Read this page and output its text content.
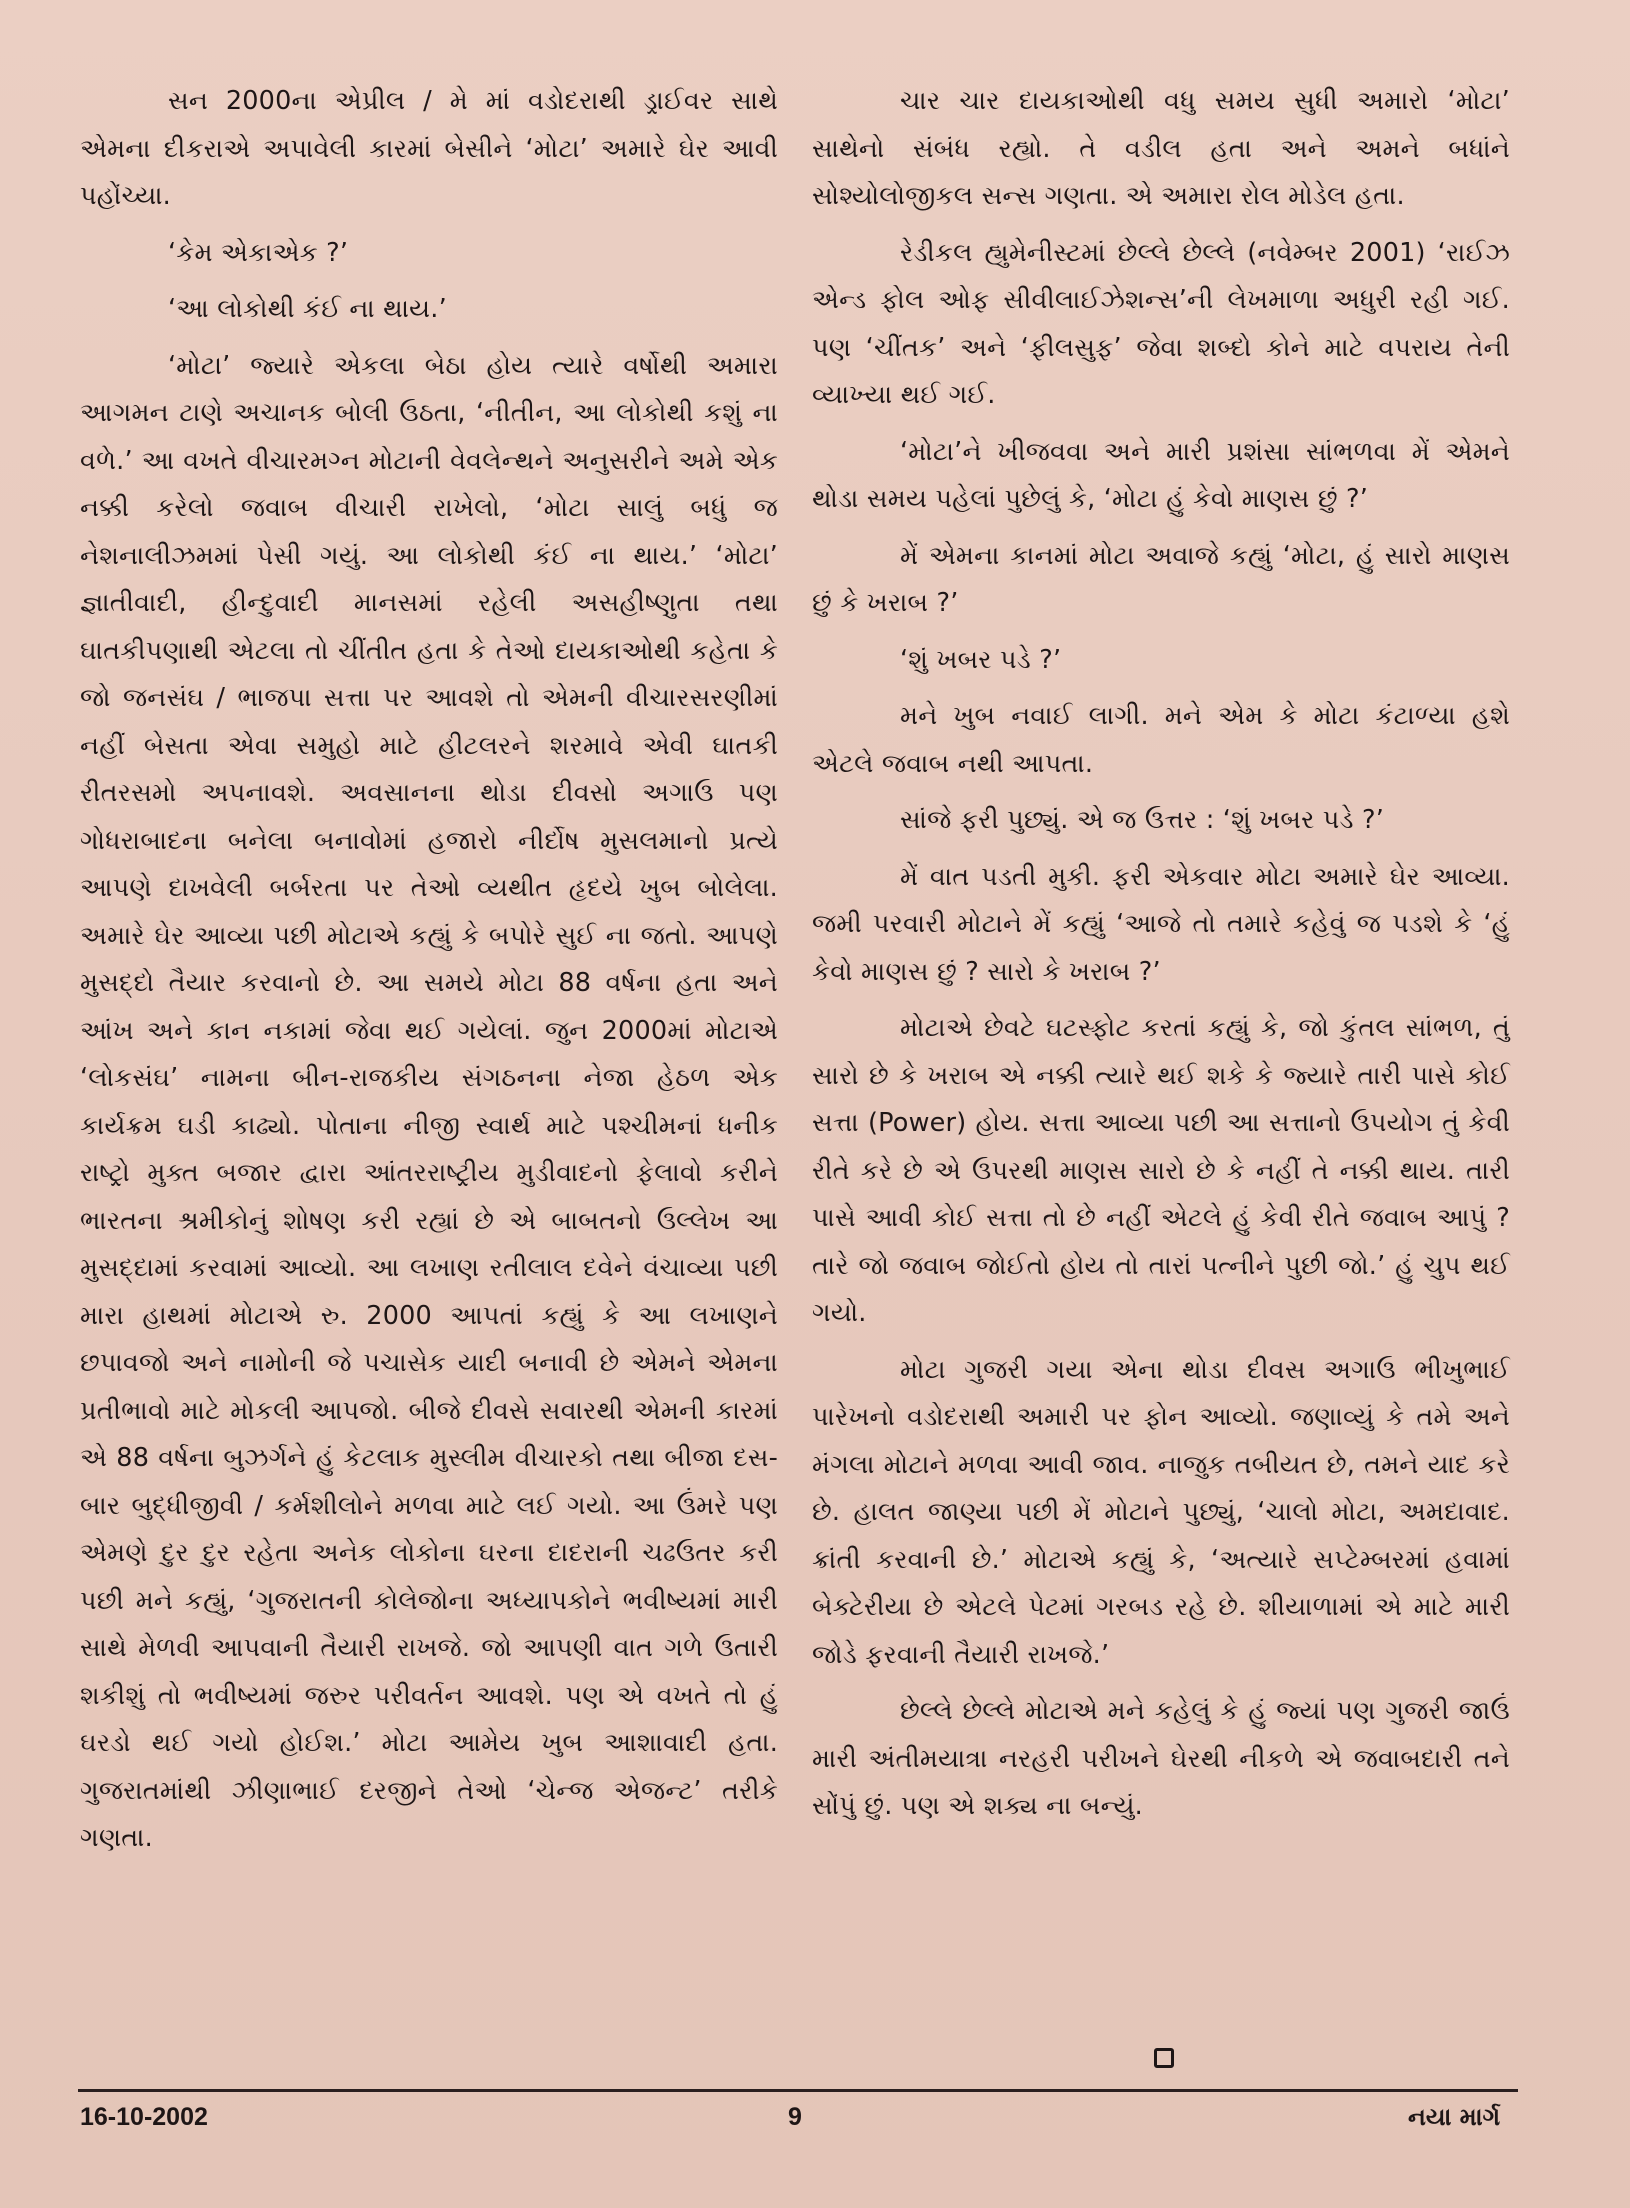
સન 2000ના એપ્રીલ / મે માં વડોદરાથી ડ્રાઈવર સાથે એમના દીકરાએ અપાવેલી કારમાં બેસીને ‘મોટા’ અમારે ઘેર આવી પહોંચ્યા.

‘કેમ એકાએક ?’

‘આ લોકોથી કંઈ ના થાય.’

‘મોટા’ જ્યારે એકલા બેઠા હોય ત્યારે વર્ષોથી અમારા આગમન ટાણે અચાનક બોલી ઉઠતા, ‘નીતીન, આ લોકોથી કશું ના વળે.’ આ વખતે વીચારમગ્ન મોટાની વેવલેન્થને અનુસરીને અમે એક નક્કી કરેલો જવાબ વીચારી રાખેલો, ‘મોટા સાલું બધું જ નેશનાલીઝમમાં પેસી ગયું. આ લોકોથી કંઈ ના થાય.’ ‘મોટા’ જ્ઞાતીવાદી, હીન્દુવાદી માનસમાં રહેલી અસહીષ્ણુતા તથા ઘાતકીપણાથી એટલા તો ચીંતીત હતા કે તેઓ દાયકાઓથી કહેતા કે જો જનસંઘ / ભાજપા સત્તા પર આવશે તો એમની વીચારસરણીમાં નહીં બેસતા એવા સમુહો માટે હીટલરને શરમાવે એવી ઘાતકી રીતરસમો અપનાવશે. અવસાનના થોડા દીવસો અગાઉ પણ ગોધરાબાદના બનેલા બનાવોમાં હજારો નીર્દોષ મુસલમાનો પ્રત્યે આપણે દાખવેલી બર્બરતા પર તેઓ વ્યથીત હૃદયે ખુબ બોલેલા. અમારે ઘેર આવ્યા પછી મોટાએ કહ્યું કે બપોરે સુઈ ના જતો. આપણે મુસદ્દો તૈયાર કરવાનો છે. આ સમયે મોટા 88 વર્ષના હતા અને આંખ અને કાન નકામાં જેવા થઈ ગયેલાં. જુન 2000માં મોટાએ ‘લોકસંઘ’ નામના બીન-રાજકીય સંગઠનના નેજા હેઠળ એક કાર્યક્રમ ઘડી કાઢ્યો. પોતાના નીજી સ્વાર્થ માટે પશ્ચીમનાં ધનીક રાષ્ટ્રો મુક્ત બજાર દ્વારા આંતરરાષ્ટ્રીય મુડીવાદનો ફેલાવો કરીને ભારતના શ્રમીકોનું શોષણ કરી રહ્યાં છે એ બાબતનો ઉલ્લેખ આ મુસદ્દામાં કરવામાં આવ્યો. આ લખાણ રતીલાલ દવેને વંચાવ્યા પછી મારા હાથમાં મોટાએ રુ. 2000 આપતાં કહ્યું કે આ લખાણને છપાવજો અને નામોની જે પચાસેક યાદી બનાવી છે એમને એમના પ્રતીભાવો માટે મોકલી આપજો. બીજે દીવસે સવારથી એમની કારમાં એ 88 વર્ષના બુઝર્ગને હું કેટલાક મુસ્લીમ વીચારકો તથા બીજા દસ-બાર બુદ્ધીજીવી / કર્મશીલોને મળવા માટે લઈ ગયો. આ ઉંમરે પણ એમણે દુર દુર રહેતા અનેક લોકોના ઘરના દાદરાની ચઢઉતર કરી પછી મને કહ્યું, ‘ગુજરાતની કોલેજોના અધ્યાપકોને ભવીષ્યમાં મારી સાથે મેળવી આપવાની તૈયારી રાખજે. જો આપણી વાત ગળે ઉતારી શકીશું તો ભવીષ્યમાં જરુર પરીવર્તન આવશે. પણ એ વખતે તો હું ઘરડો થઈ ગયો હોઈશ.’ મોટા આમેય ખુબ આશાવાદી હતા. ગુજરાતમાંથી ઝીણાભાઈ દરજીને તેઓ ‘ચેન્જ એજન્ટ’ તરીકે ગણતા.

ચાર ચાર દાયકાઓથી વધુ સમય સુધી અમારો ‘મોટા’ સાથેનો સંબંધ રહ્યો. તે વડીલ હતા અને અમને બધાંને સોશ્યોલોજીકલ સન્સ ગણતા. એ અમારા રોલ મોડેલ હતા.

રેડીકલ હ્યુમેનીસ્ટમાં છેલ્લે છેલ્લે (નવેમ્બર 2001) ‘રાઈઝ એન્ડ ફોલ ઓફ સીવીલાઈઝેશન્સ’ની લેખમાળા અધુરી રહી ગઈ. પણ ‘ચીંતક’ અને ‘ફીલસુફ’ જેવા શબ્દો કોને માટે વપરાય તેની વ્યાખ્યા થઈ ગઈ.

‘મોટા’ને ખીજવવા અને મારી પ્રશંસા સાંભળવા મેં એમને થોડા સમય પહેલાં પુછેલું કે, ‘મોટા હું કેવો માણસ છું ?’

મેં એમના કાનમાં મોટા અવાજે કહ્યું ‘મોટા, હું સારો માણસ છું કે ખરાબ ?’

‘શું ખબર પડે ?’

મને ખુબ નવાઈ લાગી. મને એમ કે મોટા કંટાળ્યા હશે એટલે જવાબ નથી આપતા.

સાંજે ફરી પુછ્યું. એ જ ઉત્તર : ‘શું ખબર પડે ?’

મેં વાત પડતી મુકી. ફરી એકવાર મોટા અમારે ઘેર આવ્યા. જમી પરવારી મોટાને મેં કહ્યું ‘આજે તો તમારે કહેવું જ પડશે કે ‘હું કેવો માણસ છું ? સારો કે ખરાબ ?’

મોટાએ છેવટે ઘટસ્ફોટ કરતાં કહ્યું કે, જો કુંતલ સાંભળ, તું સારો છે કે ખરાબ એ નક્કી ત્યારે થઈ શકે કે જ્યારે તારી પાસે કોઈ સત્તા (Power) હોય. સત્તા આવ્યા પછી આ સત્તાનો ઉપયોગ તું કેવી રીતે કરે છે એ ઉપરથી માણસ સારો છે કે નહીં તે નક્કી થાય. તારી પાસે આવી કોઈ સત્તા તો છે નહીં એટલે હું કેવી રીતે જવાબ આપું ? તારે જો જવાબ જોઈતો હોય તો તારાં પત્નીને પુછી જો.’ હું ચુપ થઈ ગયો.

મોટા ગુજરી ગયા એના થોડા દીવસ અગાઉ ભીખુભાઈ પારેખનો વડોદરાથી અમારી પર ફોન આવ્યો. જણાવ્યું કે તમે અને મંગલા મોટાને મળવા આવી જાવ. નાજુક તબીયત છે, તમને યાદ કરે છે. હાલત જાણ્યા પછી મેં મોટાને પુછ્યું, ‘ચાલો મોટા, અમદાવાદ. ક્રાંતી કરવાની છે.’ મોટાએ કહ્યું કે, ‘અત્યારે સપ્ટેમ્બરમાં હવામાં બેક્ટેરીયા છે એટલે પેટમાં ગરબડ રહે છે. શીયાળામાં એ માટે મારી જોડે ફરવાની તૈયારી રાખજે.’

છેલ્લે છેલ્લે મોટાએ મને કહેલું કે હું જ્યાં પણ ગુજરી જાઉં મારી અંતીમયાત્રા નરહરી પરીખને ઘેરથી નીકળે એ જવાબદારી તને સોંપું છું. પણ એ શક્ય ના બન્યું.

16-10-2002	9	નયા માર્ગ
